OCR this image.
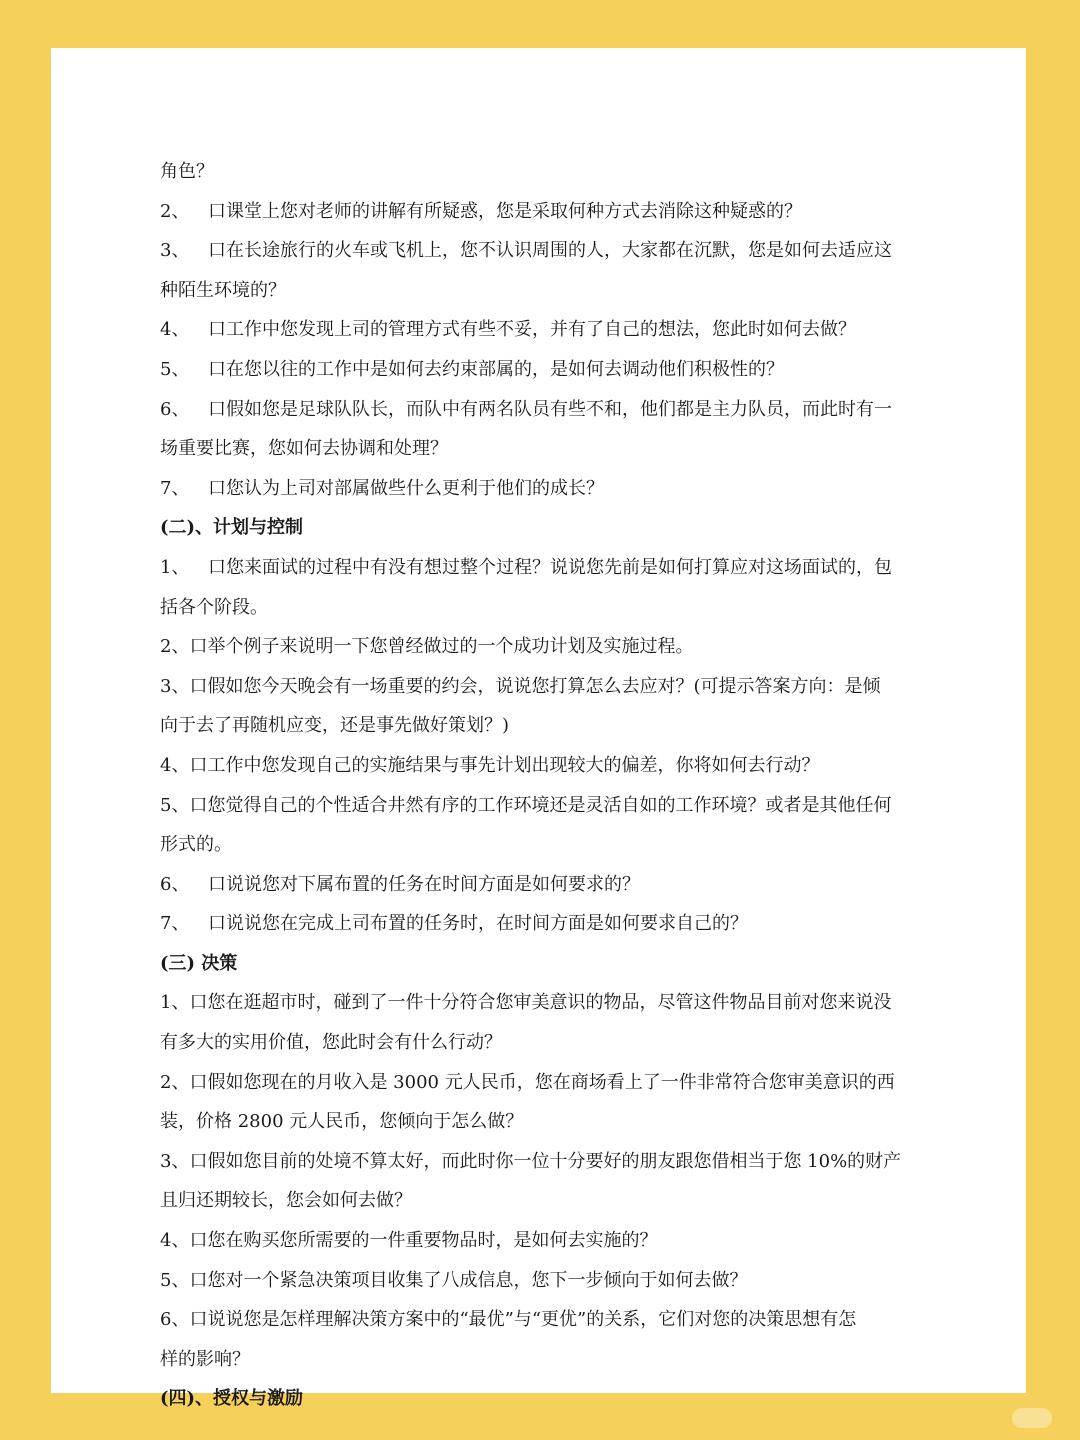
角色？
2、 口课堂上您对老师的讲解有所疑惑，您是采取何种方式去消除这种疑惑的？
3、 口在长途旅行的火车或飞机上，您不认识周围的人，大家都在沉默，您是如何去适应这
种陌生环境的？
4、 口工作中您发现上司的管理方式有些不妥，并有了自己的想法，您此时如何去做？
5、 口在您以往的工作中是如何去约束部属的，是如何去调动他们积极性的？
6、 口假如您是足球队队长，而队中有两名队员有些不和，他们都是主力队员，而此时有一
场重要比赛，您如何去协调和处理？
7、 口您认为上司对部属做些什么更利于他们的成长？
(二)、计划与控制
1、 口您来面试的过程中有没有想过整个过程？说说您先前是如何打算应对这场面试的，包
括各个阶段。
2、口举个例子来说明一下您曾经做过的一个成功计划及实施过程。
3、口假如您今天晚会有一场重要的约会，说说您打算怎么去应对？(可提示答案方向：是倾
向于去了再随机应变，还是事先做好策划？)
4、口工作中您发现自己的实施结果与事先计划出现较大的偏差，你将如何去行动？
5、口您觉得自己的个性适合井然有序的工作环境还是灵活自如的工作环境？或者是其他任何
形式的。
6、 口说说您对下属布置的任务在时间方面是如何要求的？
7、 口说说您在完成上司布置的任务时，在时间方面是如何要求自己的？
(三) 决策
1、口您在逛超市时，碰到了一件十分符合您审美意识的物品，尽管这件物品目前对您来说没
有多大的实用价值，您此时会有什么行动？
2、口假如您现在的月收入是 3000 元人民币，您在商场看上了一件非常符合您审美意识的西
装，价格 2800 元人民币，您倾向于怎么做？
3、口假如您目前的处境不算太好，而此时你一位十分要好的朋友跟您借相当于您 10%的财产
且归还期较长，您会如何去做？
4、口您在购买您所需要的一件重要物品时，是如何去实施的？
5、口您对一个紧急决策项目收集了八成信息，您下一步倾向于如何去做？
6、口说说您是怎样理解决策方案中的“最优”与“更优”的关系，它们对您的决策思想有怎
样的影响？
(四)、授权与激励
